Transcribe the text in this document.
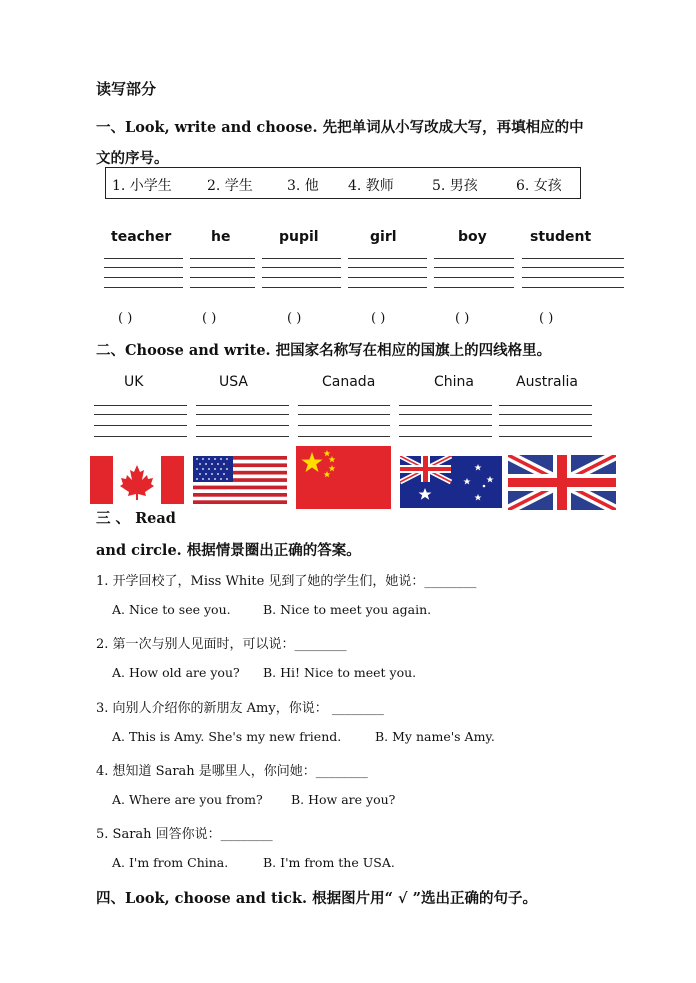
读写部分
一、Look, write and choose. 先把单词从小写改成大写，再填相应的中
文的序号。
1. 小学生	2. 学生 3. 他 4. 教师	5. 男孩	6. 女孩
teacher	he	pupil	girl	boy	student
( )	( )	( )	( )	( )	( )
二、Choose and write. 把国家名称写在相应的国旗上的四线格里。
UK	USA	Canada	China	Australia
三 、 Read
and circle. 根据情景圈出正确的答案。
1. 开学回校了，Miss White 见到了她的学生们，她说：________
A. Nice to see you.	B. Nice to meet you again.
2. 第一次与别人见面时，可以说：________
A. How old are you? B. Hi! Nice to meet you.
3. 向别人介绍你的新朋友 Amy，你说： ________
A. This is Amy. She's my new friend.	B. My name's Amy.
4. 想知道 Sarah 是哪里人，你问她：________
A. Where are you from? B. How are you?
5. Sarah 回答你说：________
A. I'm from China.	B. I'm from the USA.
四、Look, choose and tick. 根据图片用“ √ ”选出正确的句子。
